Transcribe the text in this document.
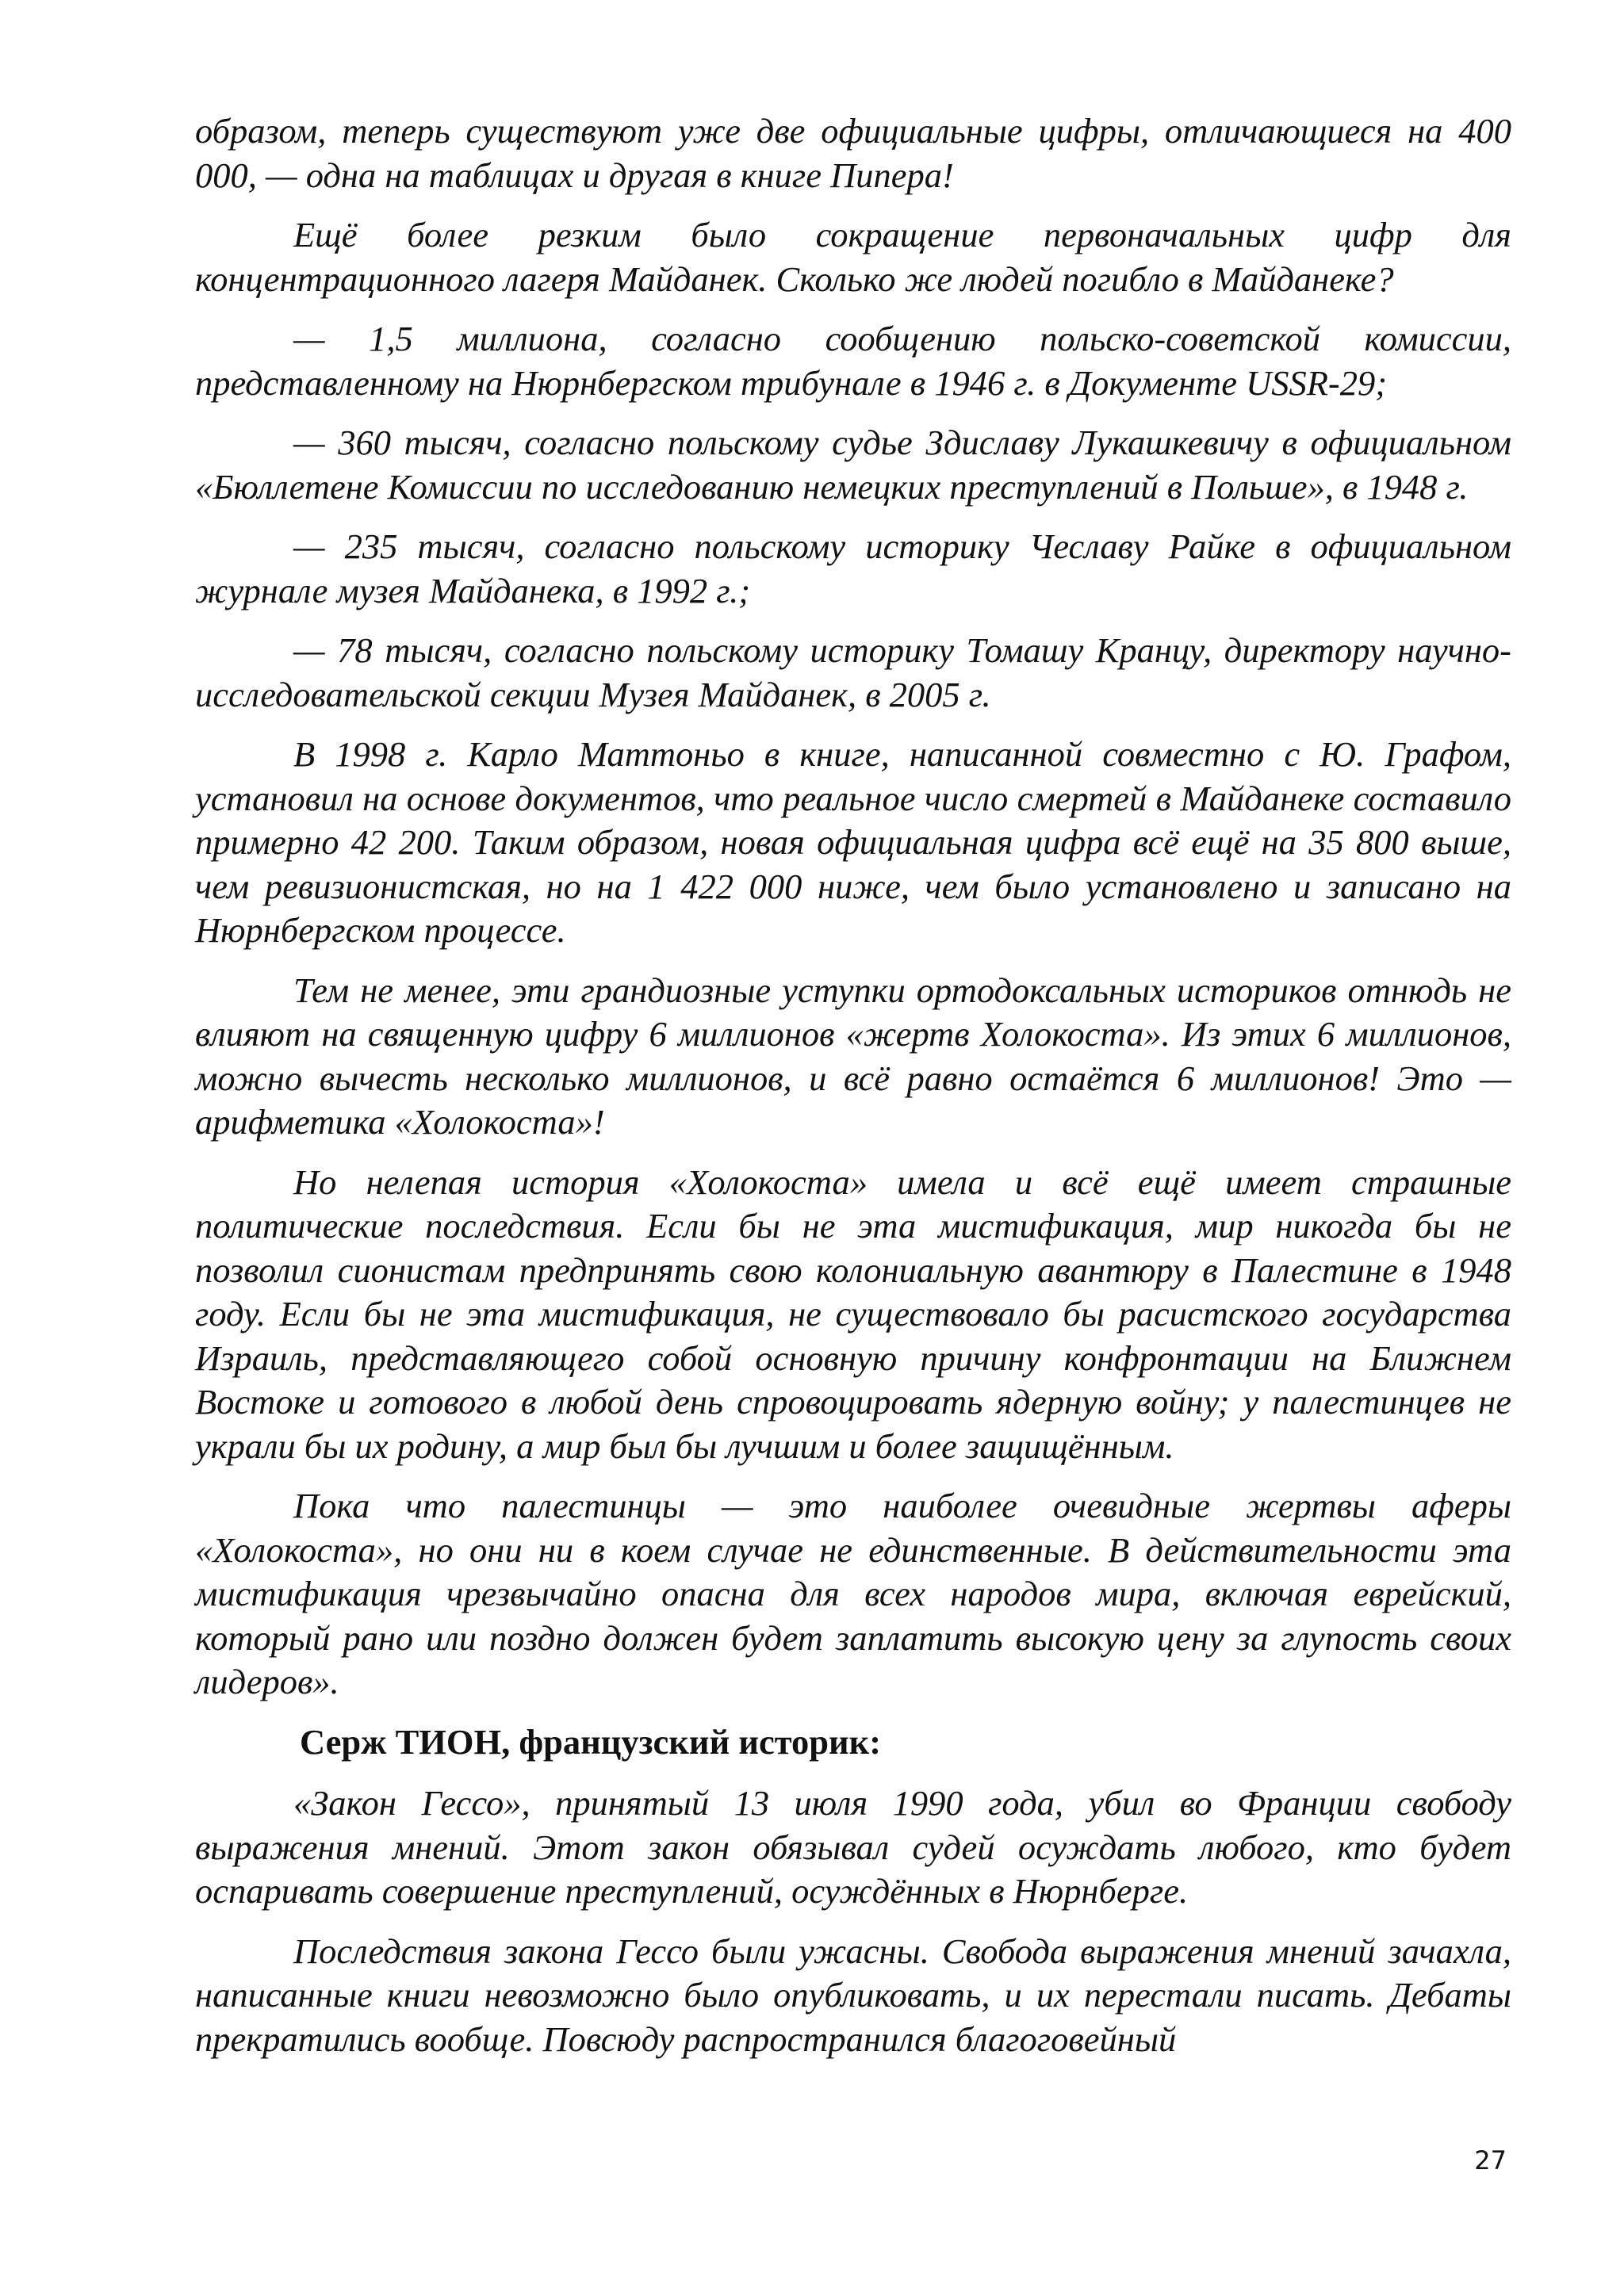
образом, теперь существуют уже две официальные цифры, отличающиеся на 400 000, — одна на таблицах и другая в книге Пипера!

Ещё более резким было сокращение первоначальных цифр для концентрационного лагеря Майданек. Сколько же людей погибло в Майданеке?

— 1,5 миллиона, согласно сообщению польско-советской комиссии, представленному на Нюрнбергском трибунале в 1946 г. в Документе USSR-29;

— 360 тысяч, согласно польскому судье Здиславу Лукашкевичу в официальном «Бюллетене Комиссии по исследованию немецких преступлений в Польше», в 1948 г.

— 235 тысяч, согласно польскому историку Чеславу Райке в официальном журнале музея Майданека, в 1992 г.;

— 78 тысяч, согласно польскому историку Томашу Кранцу, директору научно-исследовательской секции Музея Майданек, в 2005 г.

В 1998 г. Карло Маттоньо в книге, написанной совместно с Ю. Графом, установил на основе документов, что реальное число смертей в Майданеке составило примерно 42 200. Таким образом, новая официальная цифра всё ещё на 35 800 выше, чем ревизионистская, но на 1 422 000 ниже, чем было установлено и записано на Нюрнбергском процессе.

Тем не менее, эти грандиозные уступки ортодоксальных историков отнюдь не влияют на священную цифру 6 миллионов «жертв Холокоста». Из этих 6 миллионов, можно вычесть несколько миллионов, и всё равно остаётся 6 миллионов! Это — арифметика «Холокоста»!

Но нелепая история «Холокоста» имела и всё ещё имеет страшные политические последствия. Если бы не эта мистификация, мир никогда бы не позволил сионистам предпринять свою колониальную авантюру в Палестине в 1948 году. Если бы не эта мистификация, не существовало бы расистского государства Израиль, представляющего собой основную причину конфронтации на Ближнем Востоке и готового в любой день спровоцировать ядерную войну; у палестинцев не украли бы их родину, а мир был бы лучшим и более защищённым.

Пока что палестинцы — это наиболее очевидные жертвы аферы «Холокоста», но они ни в коем случае не единственные. В действительности эта мистификация чрезвычайно опасна для всех народов мира, включая еврейский, который рано или поздно должен будет заплатить высокую цену за глупость своих лидеров».

Серж ТИОН, французский историк:

«Закон Гессо», принятый 13 июля 1990 года, убил во Франции свободу выражения мнений. Этот закон обязывал судей осуждать любого, кто будет оспаривать совершение преступлений, осуждённых в Нюрнберге.

Последствия закона Гессо были ужасны. Свобода выражения мнений зачахла, написанные книги невозможно было опубликовать, и их перестали писать. Дебаты прекратились вообще. Повсюду распространился благоговейный

27
